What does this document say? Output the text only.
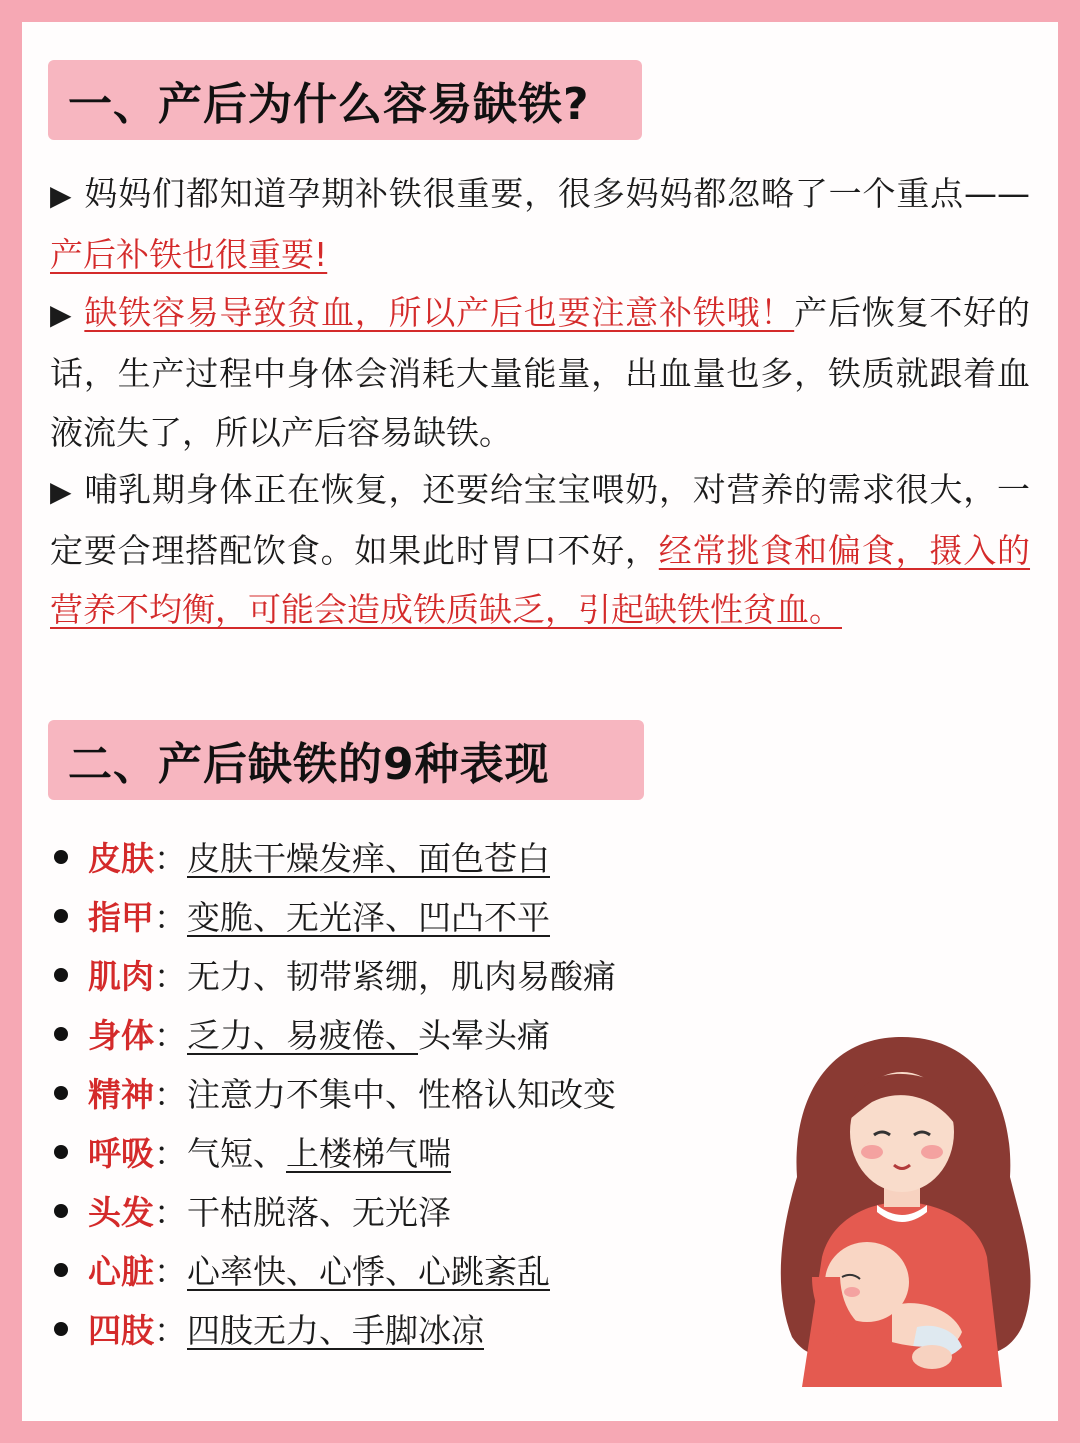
一、产后为什么容易缺铁?
▶ 妈妈们都知道孕期补铁很重要，很多妈妈都忽略了一个重点——产后补铁也很重要!
▶ 缺铁容易导致贫血，所以产后也要注意补铁哦！产后恢复不好的话，生产过程中身体会消耗大量能量，出血量也多，铁质就跟着血液流失了，所以产后容易缺铁。
▶ 哺乳期身体正在恢复，还要给宝宝喂奶，对营养的需求很大，一定要合理搭配饮食。如果此时胃口不好，经常挑食和偏食，摄入的营养不均衡，可能会造成铁质缺乏，引起缺铁性贫血。
二、产后缺铁的9种表现
皮肤 ： 皮肤干燥发痒、面色苍白
指甲 ： 变脆、无光泽、凹凸不平
肌肉 ： 无力、韧带紧绷，肌肉易酸痛
身体 ： 乏力、易疲倦、 头晕头痛
精神 ： 注意力不集中、性格认知改变
呼吸 ： 气短、 上楼梯气喘
头发 ： 干枯脱落、无光泽
心脏 ： 心率快、心悸、心跳紊乱
四肢 ： 四肢无力、手脚冰凉
